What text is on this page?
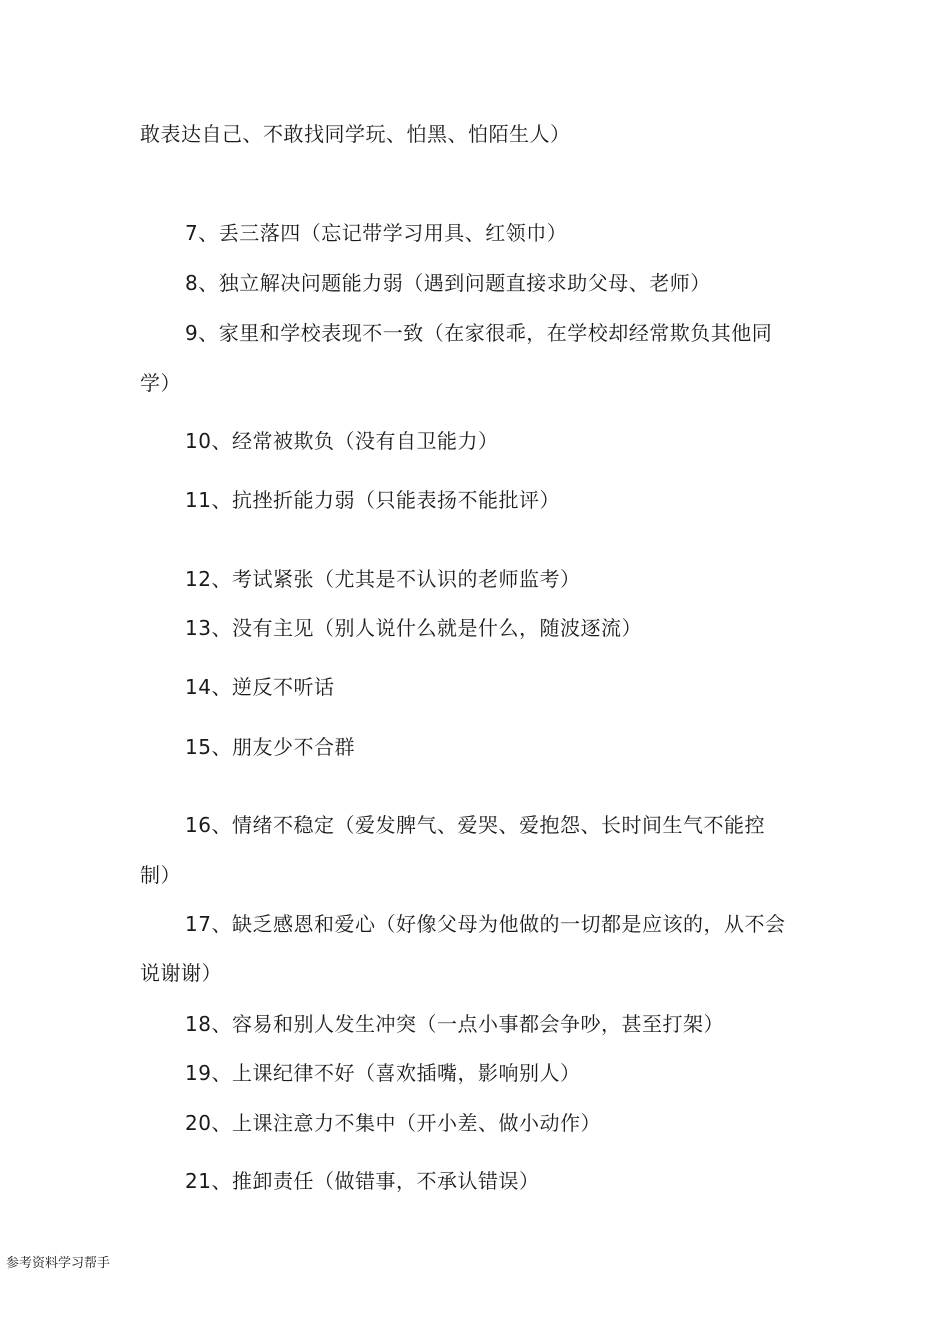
敢表达自己、不敢找同学玩、怕黑、怕陌生人）
7、丢三落四（忘记带学习用具、红领巾）
8、独立解决问题能力弱（遇到问题直接求助父母、老师）
9、家里和学校表现不一致（在家很乖，在学校却经常欺负其他同
学）
10、经常被欺负（没有自卫能力）
11、抗挫折能力弱（只能表扬不能批评）
12、考试紧张（尤其是不认识的老师监考）
13、没有主见（别人说什么就是什么，随波逐流）
14、逆反不听话
15、朋友少不合群
16、情绪不稳定（爱发脾气、爱哭、爱抱怨、长时间生气不能控
制）
17、缺乏感恩和爱心（好像父母为他做的一切都是应该的，从不会
说谢谢）
18、容易和别人发生冲突（一点小事都会争吵，甚至打架）
19、上课纪律不好（喜欢插嘴，影响别人）
20、上课注意力不集中（开小差、做小动作）
21、推卸责任（做错事，不承认错误）
参考资料学习帮手
